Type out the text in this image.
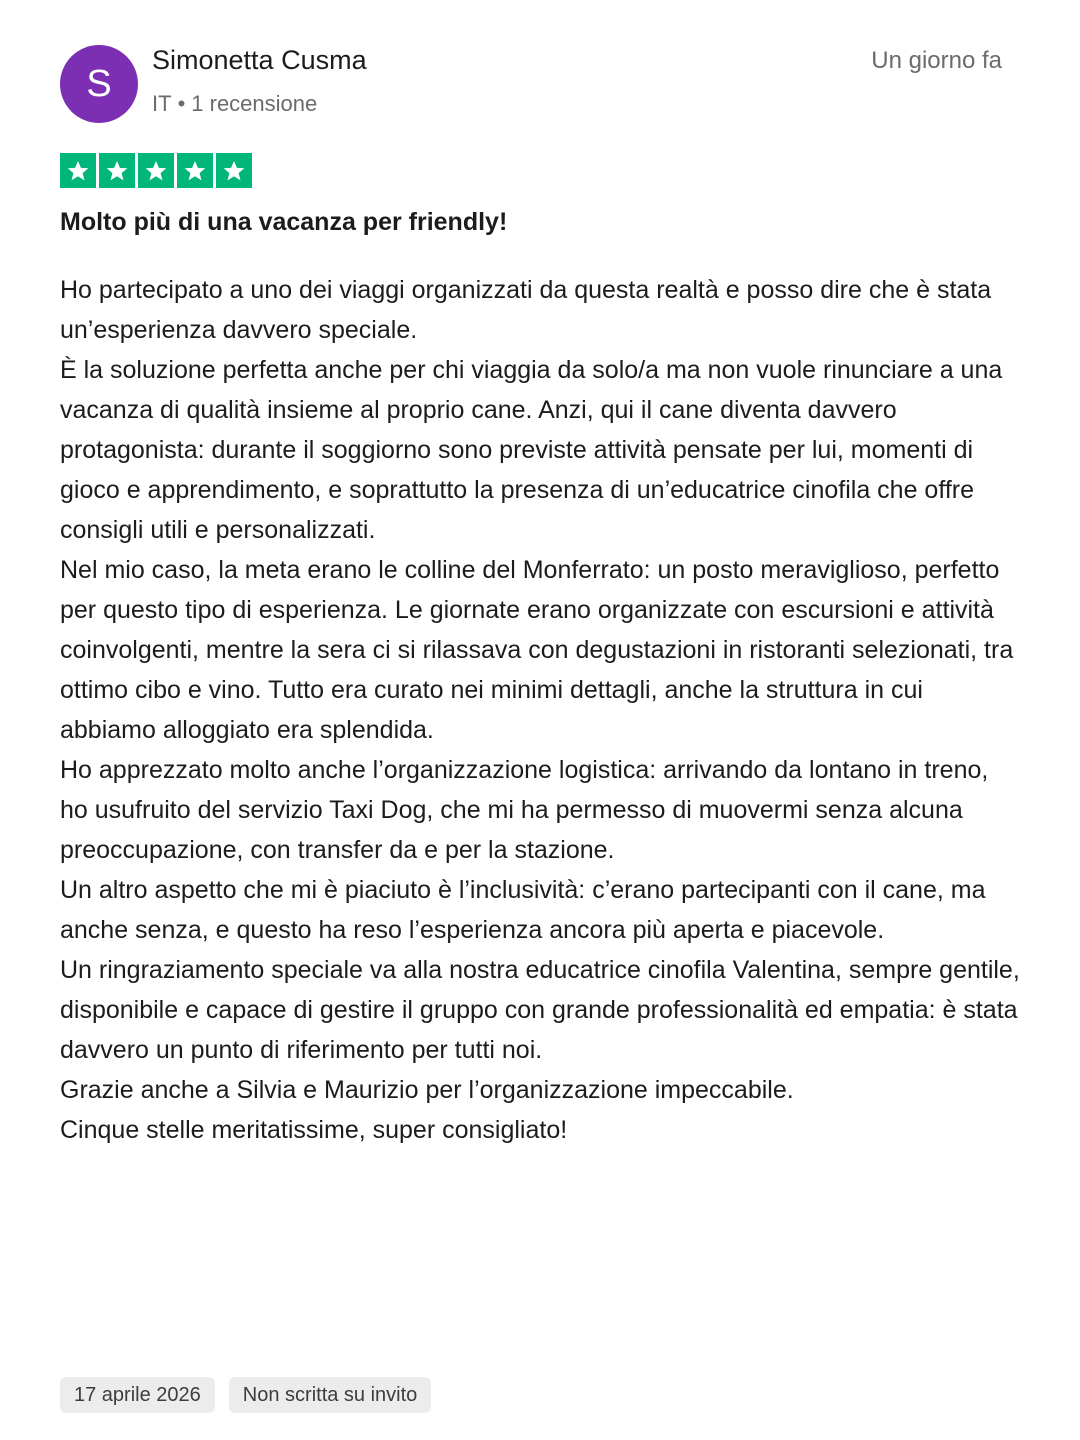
S
Simonetta Cusma
IT • 1 recensione
Un giorno fa
Molto più di una vacanza per friendly!

Ho partecipato a uno dei viaggi organizzati da questa realtà e posso dire che è stata un’esperienza davvero speciale.

È la soluzione perfetta anche per chi viaggia da solo/a ma non vuole rinunciare a una vacanza di qualità insieme al proprio cane. Anzi, qui il cane diventa davvero protagonista: durante il soggiorno sono previste attività pensate per lui, momenti di gioco e apprendimento, e soprattutto la presenza di un’educatrice cinofila che offre consigli utili e personalizzati.

Nel mio caso, la meta erano le colline del Monferrato: un posto meraviglioso, perfetto per questo tipo di esperienza. Le giornate erano organizzate con escursioni e attività coinvolgenti, mentre la sera ci si rilassava con degustazioni in ristoranti selezionati, tra ottimo cibo e vino. Tutto era curato nei minimi dettagli, anche la struttura in cui abbiamo alloggiato era splendida.

Ho apprezzato molto anche l’organizzazione logistica: arrivando da lontano in treno, ho usufruito del servizio Taxi Dog, che mi ha permesso di muovermi senza alcuna preoccupazione, con transfer da e per la stazione.

Un altro aspetto che mi è piaciuto è l’inclusività: c’erano partecipanti con il cane, ma anche senza, e questo ha reso l’esperienza ancora più aperta e piacevole.

Un ringraziamento speciale va alla nostra educatrice cinofila Valentina, sempre gentile, disponibile e capace di gestire il gruppo con grande professionalità ed empatia: è stata davvero un punto di riferimento per tutti noi.

Grazie anche a Silvia e Maurizio per l’organizzazione impeccabile.

Cinque stelle meritatissime, super consigliato!

17 aprile 2026	Non scritta su invito
